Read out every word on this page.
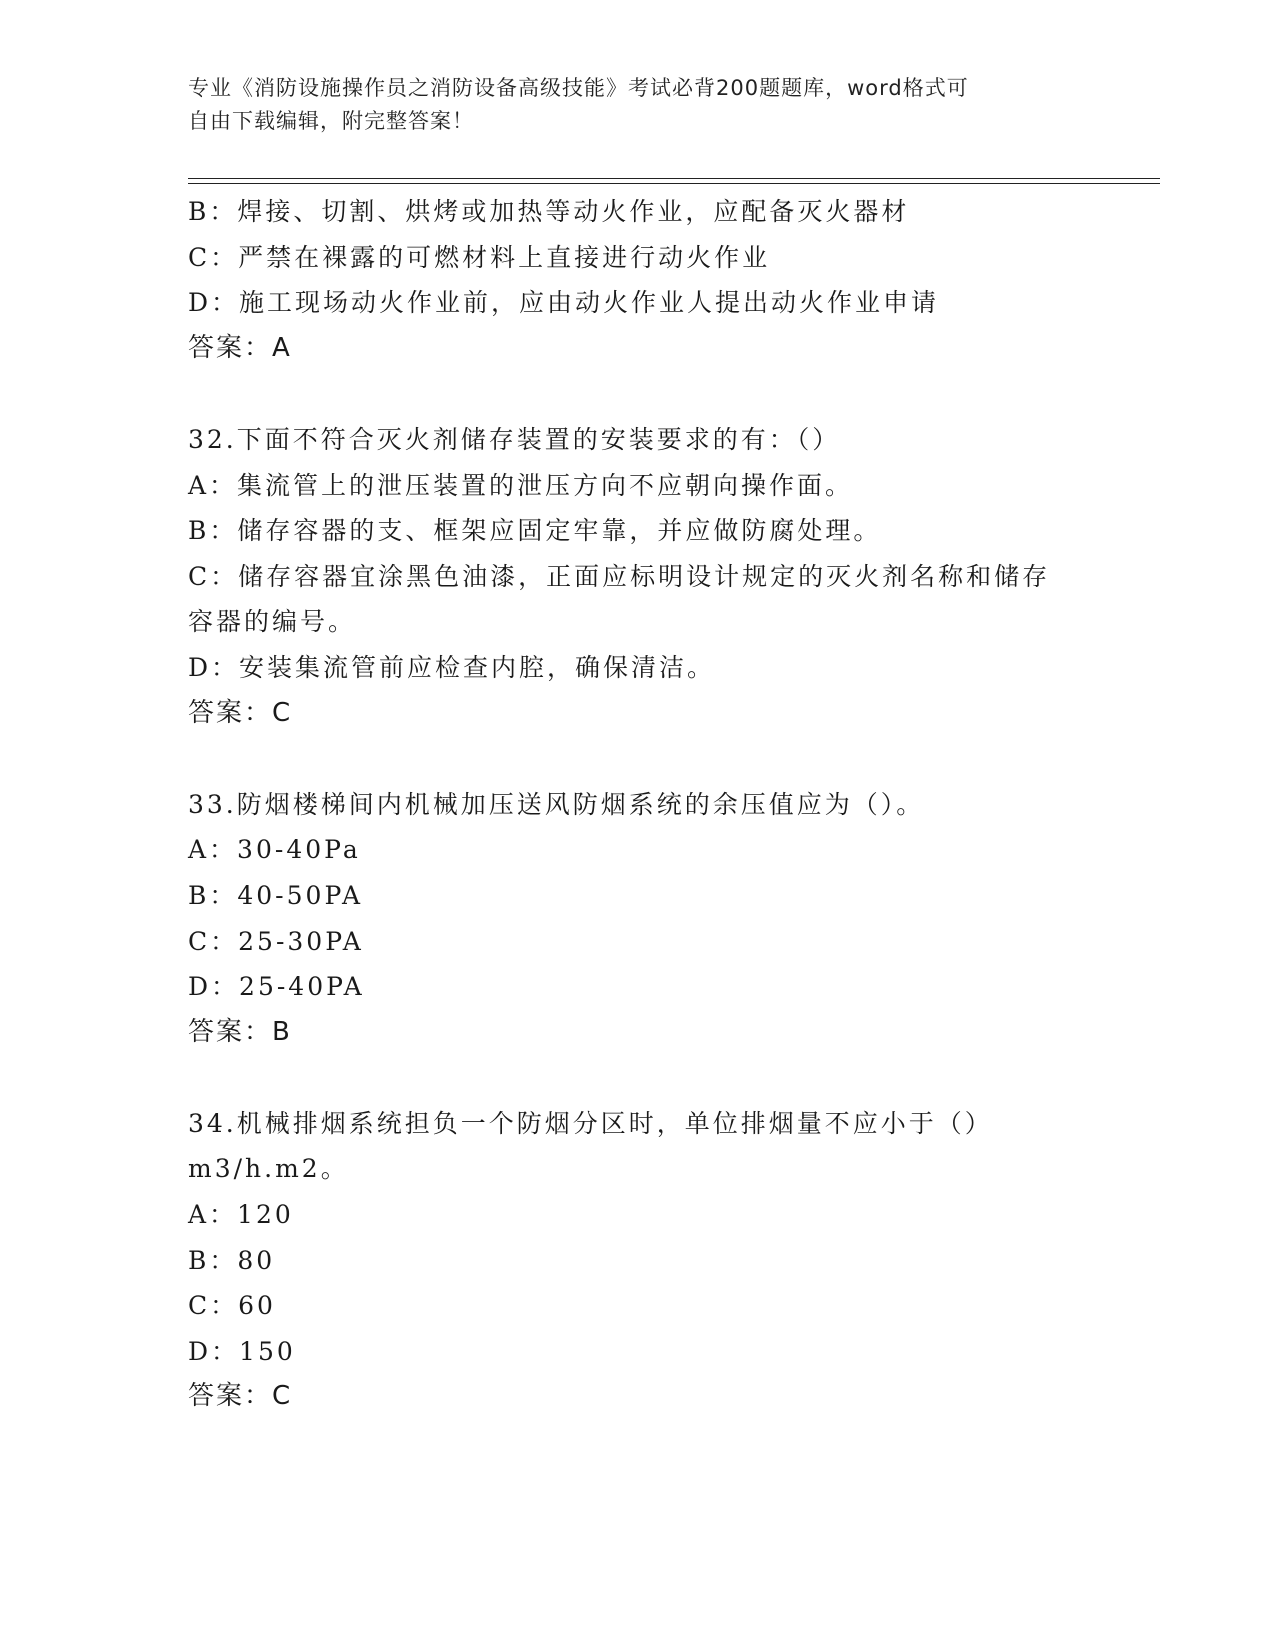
专业《消防设施操作员之消防设备高级技能》考试必背200题题库，word格式可
自由下载编辑，附完整答案！
B：焊接、切割、烘烤或加热等动火作业，应配备灭火器材
C：严禁在裸露的可燃材料上直接进行动火作业
D：施工现场动火作业前，应由动火作业人提出动火作业申请
答案：A
32.下面不符合灭火剂储存装置的安装要求的有：（）
A：集流管上的泄压装置的泄压方向不应朝向操作面。
B：储存容器的支、框架应固定牢靠，并应做防腐处理。
C：储存容器宜涂黑色油漆，正面应标明设计规定的灭火剂名称和储存
容器的编号。
D：安装集流管前应检查内腔，确保清洁。
答案：C
33.防烟楼梯间内机械加压送风防烟系统的余压值应为（）。
A：30-40Pa
B：40-50PA
C：25-30PA
D：25-40PA
答案：B
34.机械排烟系统担负一个防烟分区时，单位排烟量不应小于（）
m3/h.m2。
A：120
B：80
C：60
D：150
答案：C
